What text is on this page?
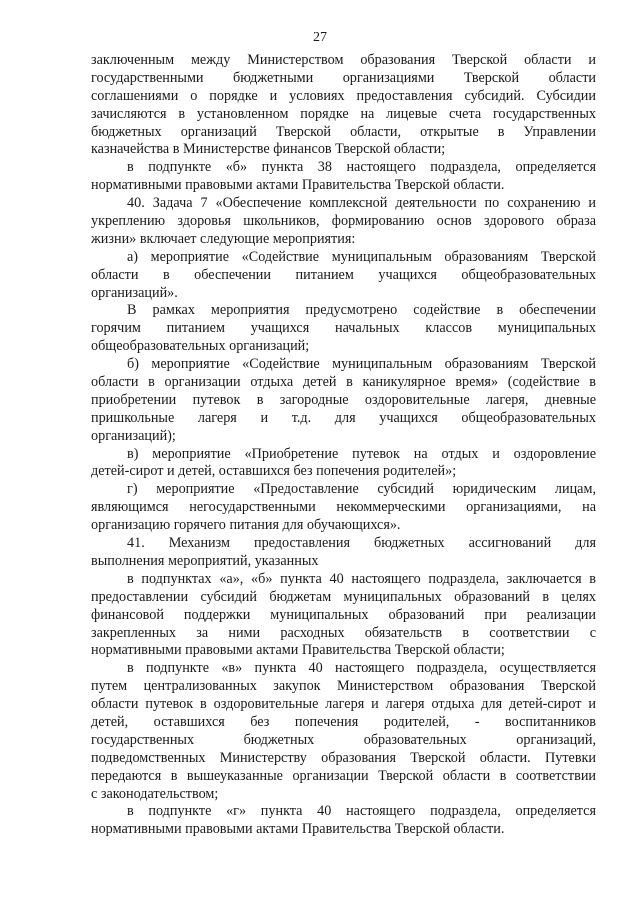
27
заключенным между Министерством образования Тверской области и
государственными бюджетными организациями Тверской области
соглашениями о порядке и условиях предоставления субсидий. Субсидии
зачисляются в установленном порядке на лицевые счета государственных
бюджетных организаций Тверской области, открытые в Управлении
казначейства в Министерстве финансов Тверской области;
в подпункте «б» пункта 38 настоящего подраздела, определяется
нормативными правовыми актами Правительства Тверской области.
40. Задача 7 «Обеспечение комплексной деятельности по сохранению и
укреплению здоровья школьников, формированию основ здорового образа
жизни» включает следующие мероприятия:
а) мероприятие «Содействие муниципальным образованиям Тверской
области в обеспечении питанием учащихся общеобразовательных
организаций».
В рамках мероприятия предусмотрено содействие в обеспечении
горячим питанием учащихся начальных классов муниципальных
общеобразовательных организаций;
б) мероприятие «Содействие муниципальным образованиям Тверской
области в организации отдыха детей в каникулярное время» (содействие в
приобретении путевок в загородные оздоровительные лагеря, дневные
пришкольные лагеря и т.д. для учащихся общеобразовательных
организаций);
в) мероприятие «Приобретение путевок на отдых и оздоровление
детей-сирот и детей, оставшихся без попечения родителей»;
г) мероприятие «Предоставление субсидий юридическим лицам,
являющимся негосударственными некоммерческими организациями, на
организацию горячего питания для обучающихся».
41. Механизм предоставления бюджетных ассигнований для
выполнения мероприятий, указанных
в подпунктах «а», «б» пункта 40 настоящего подраздела, заключается в
предоставлении субсидий бюджетам муниципальных образований в целях
финансовой поддержки муниципальных образований при реализации
закрепленных за ними расходных обязательств в соответствии с
нормативными правовыми актами Правительства Тверской области;
в подпункте «в» пункта 40 настоящего подраздела, осуществляется
путем централизованных закупок Министерством образования Тверской
области путевок в оздоровительные лагеря и лагеря отдыха для детей-сирот и
детей, оставшихся без попечения родителей, - воспитанников
государственных бюджетных образовательных организаций,
подведомственных Министерству образования Тверской области. Путевки
передаются в вышеуказанные организации Тверской области в соответствии
с законодательством;
в подпункте «г» пункта 40 настоящего подраздела, определяется
нормативными правовыми актами Правительства Тверской области.
